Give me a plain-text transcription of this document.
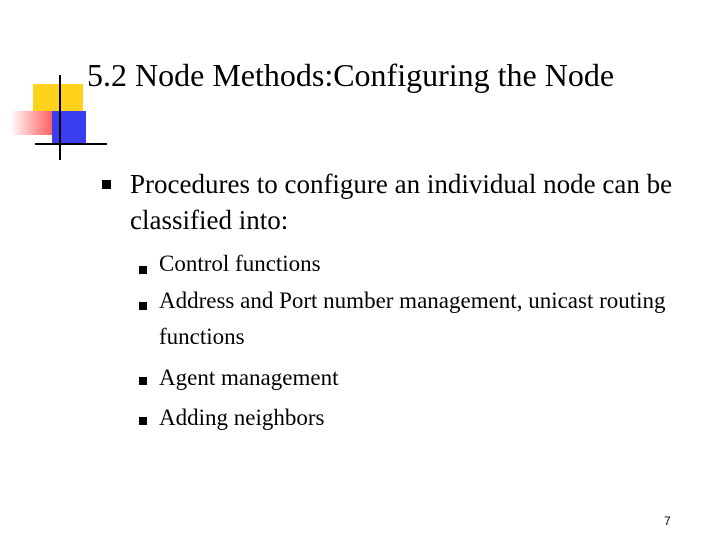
5.2 Node Methods:Configuring the Node

Procedures to configure an individual node can be classified into:

Control functions

Address and Port number management, unicast routing functions

Agent management

Adding neighbors

7
